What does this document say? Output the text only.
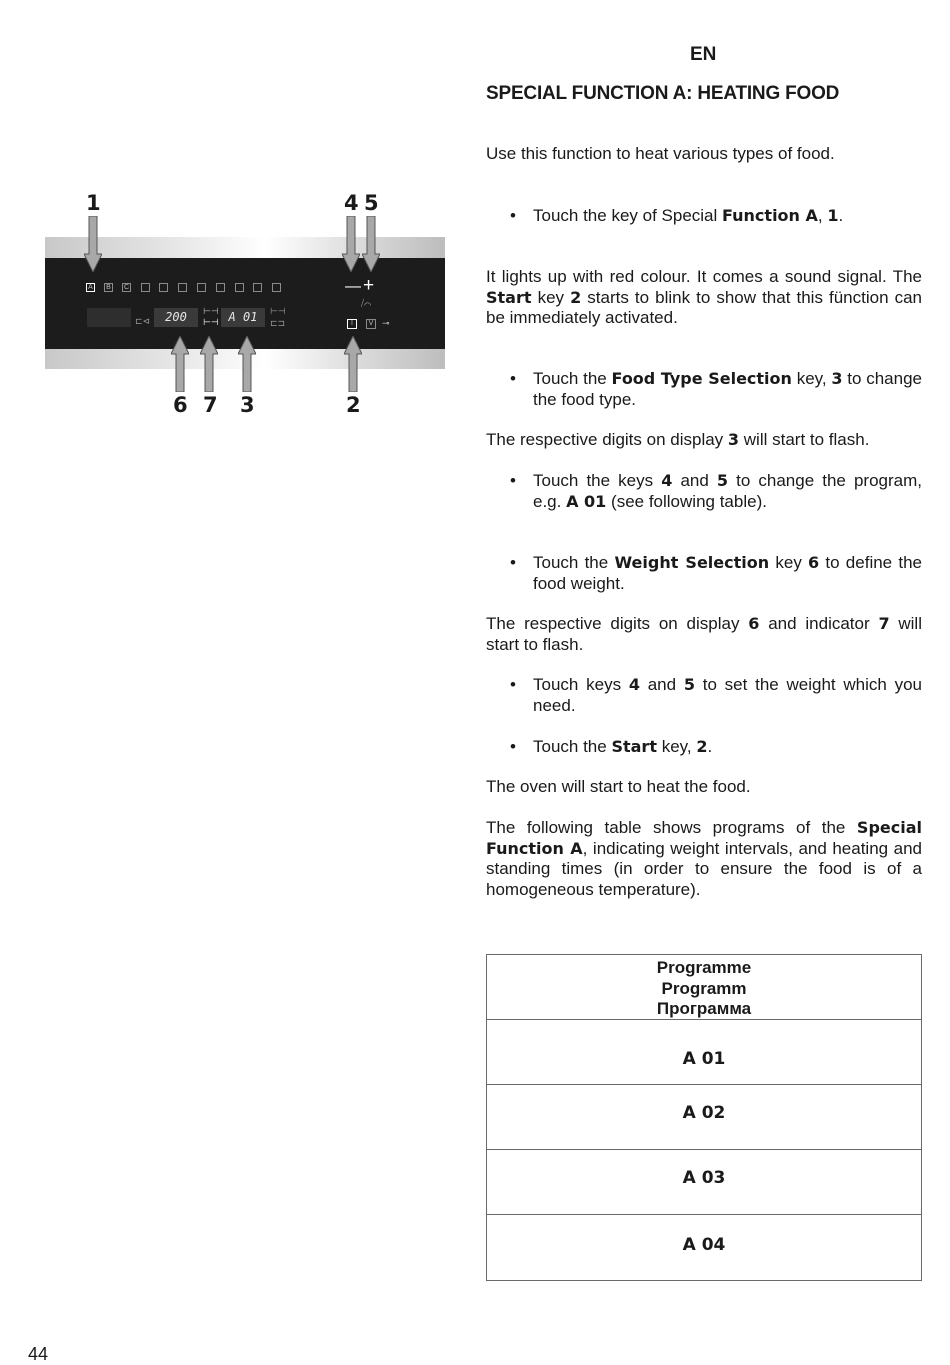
EN
SPECIAL FUNCTION A: HEATING FOOD
Use this function to heat various types of food.
• Touch the key of Special Function A, 1.
It lights up with red colour. It comes a sound signal. The Start key 2 starts to blink to show that this fünction can be immediately activated.
• Touch the Food Type Selection key, 3 to change the food type.
The respective digits on display 3 will start to flash.
• Touch the keys 4 and 5 to change the program, e.g. A 01 (see following table).
• Touch the Weight Selection key 6 to define the food weight.
The respective digits on display 6 and indicator 7 will start to flash.
• Touch keys 4 and 5 to set the weight which you need.
• Touch the Start key, 2.
The oven will start to heat the food.
The following table shows programs of the Special Function A, indicating weight intervals, and heating and standing times (in order to ensure the food is of a homogeneous temperature).
Programme
Programm
Программа
A 01
A 02
A 03
A 04
A B C
⊏⊲	200	⊢⊣
⊢⊣ A 01	⊢⊣
⊏⊐
— +
⧸⌒
I	V ⊸
1	4 5
6 7 3	2
44
